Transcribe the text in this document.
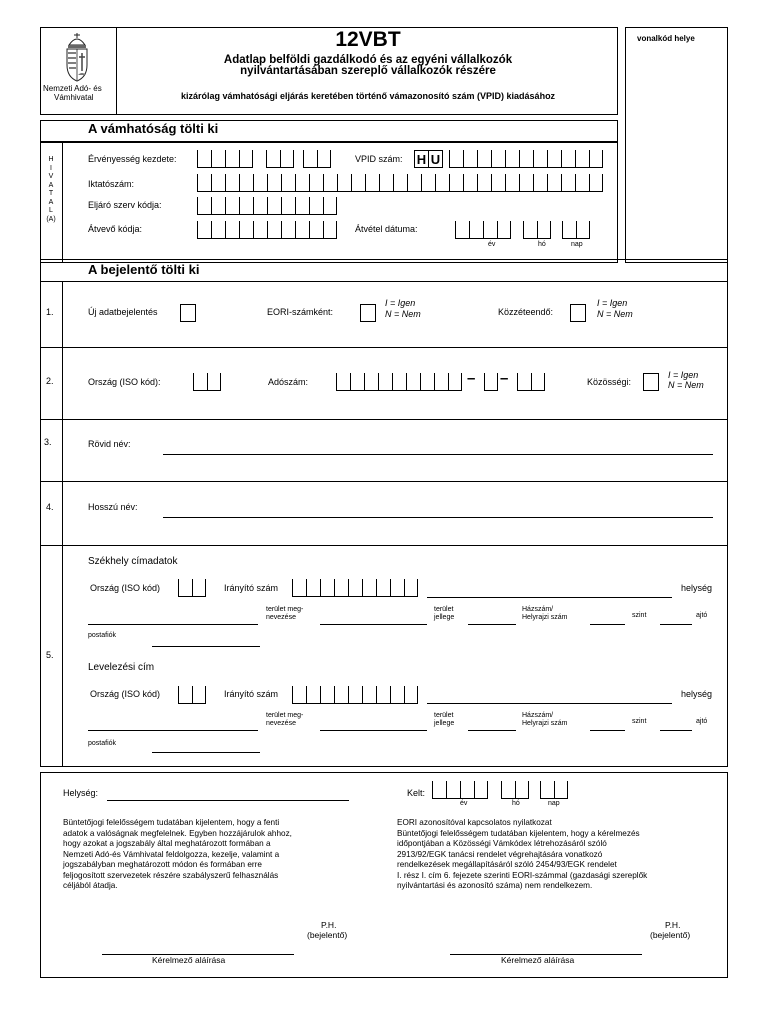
vonalkód helye
Nemzeti Adó- és
Vámhivatal
12VBT
Adatlap belföldi gazdálkodó és az egyéni vállalkozók
nyilvántartásában szereplő vállalkozók részére
kizárólag vámhatósági eljárás keretében történő vámazonosító szám (VPID) kiadásához
A vámhatóság tölti ki
H
I
V
A
T
A
L
(A)
Érvényesség kezdete:	VPID szám: H U
Iktatószám:
Eljáró szerv kódja:
Átvevő kódja:	Átvétel dátuma:
év	hó	nap
A bejelentő tölti ki
1.	Új adatbejelentés	EORI-számként:
I = Igen
N = Nem	Közzéteendő:
I = Igen
N = Nem
2.	Ország (ISO kód):	Adószám:	– –	Közösségi:
I = Igen
N = Nem
3.	Rövid név:
4.	Hosszú név:
5.
Székhely címadatok
Ország (ISO kód)	Irányító szám	helység
terület meg-
nevezése
terület
jellege
Házszám/
Helyrajzi szám	szint	ajtó
postafiók
Levelezési cím
Ország (ISO kód)	Irányító szám	helység
terület meg-
nevezése
terület
jellege
Házszám/
Helyrajzi szám	szint	ajtó
postafiók
Helység:	Kelt:
év	hó	nap
Büntetőjogi felelősségem tudatában kijelentem, hogy a fenti
adatok a valóságnak megfelelnek. Egyben hozzájárulok ahhoz,
hogy azokat a jogszabály által meghatározott formában a
Nemzeti Adó-és Vámhivatal feldolgozza, kezelje, valamint a
jogszabályban meghatározott módon és formában erre
feljogosított szervezetek részére szabályszerű felhasználás
céljából átadja.
EORI azonosítóval kapcsolatos nyilatkozat
Büntetőjogi felelősségem tudatában kijelentem, hogy a kérelmezés
időpontjában a Közösségi Vámkódex létrehozásáról szóló
2913/92/EGK tanácsi rendelet végrehajtására vonatkozó
rendelkezések megállapításáról szóló 2454/93/EGK rendelet
I. rész I. cím 6. fejezete szerinti EORI-számmal (gazdasági szereplők
nyilvántartási és azonosító száma) nem rendelkezem.
P.H.
(bejelentő)
Kérelmező aláírása
P.H.
(bejelentő)
Kérelmező aláírása
